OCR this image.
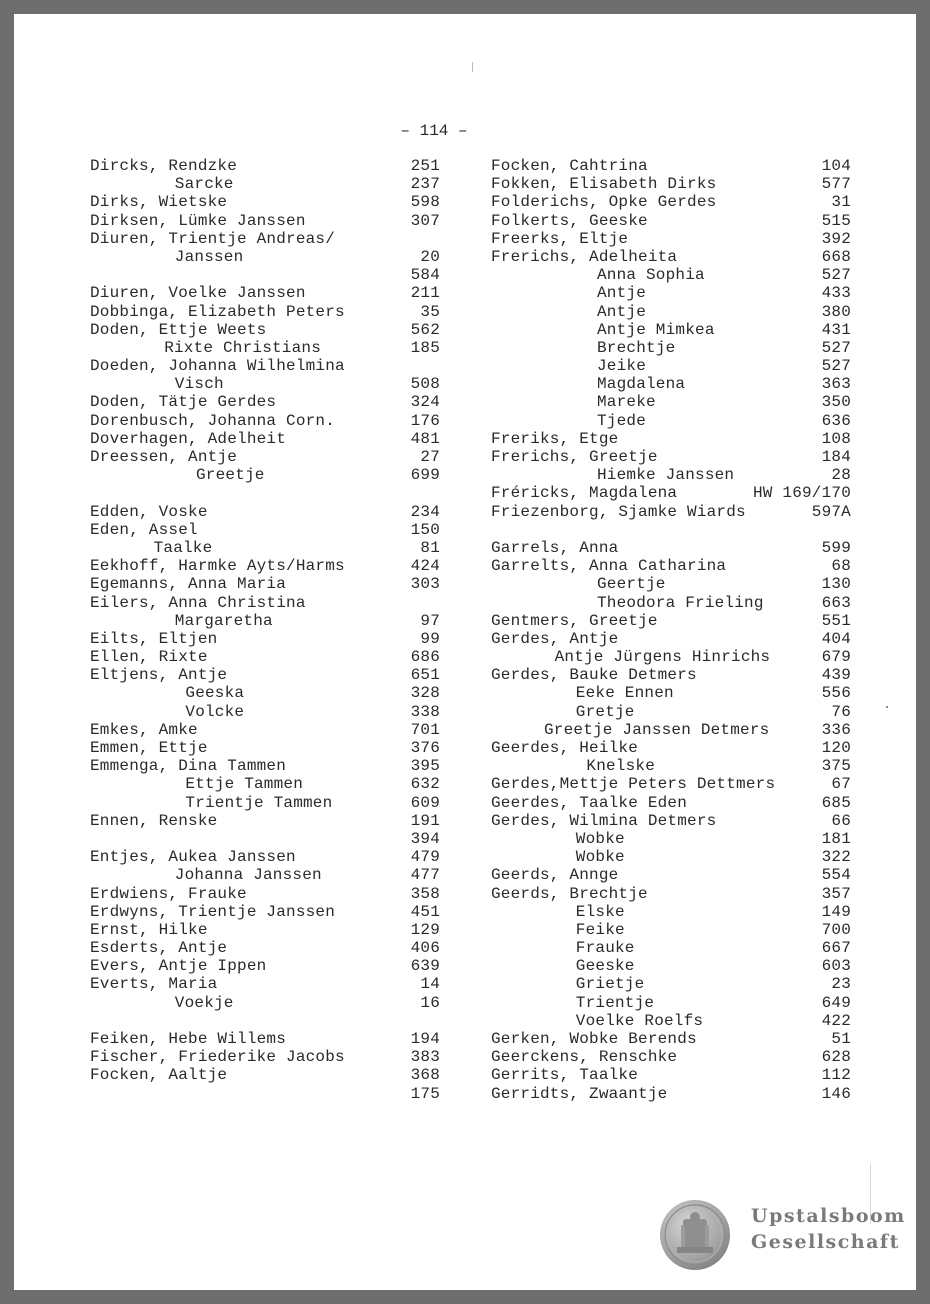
– 114 –
Dircks, Rendzke	251
Sarcke	237
Dirks, Wietske	598
Dirksen, Lümke Janssen	307
Diuren, Trientje Andreas/
Janssen	20
584
Diuren, Voelke Janssen	211
Dobbinga, Elizabeth Peters	35
Doden, Ettje Weets	562
Rixte Christians	185
Doeden, Johanna Wilhelmina
Visch	508
Doden, Tätje Gerdes	324
Dorenbusch, Johanna Corn.	176
Doverhagen, Adelheit	481
Dreessen, Antje	27
Greetje	699
Edden, Voske	234
Eden, Assel	150
Taalke	81
Eekhoff, Harmke Ayts/Harms	424
Egemanns, Anna Maria	303
Eilers, Anna Christina
Margaretha	97
Eilts, Eltjen	99
Ellen, Rixte	686
Eltjens, Antje	651
Geeska	328
Volcke	338
Emkes, Amke	701
Emmen, Ettje	376
Emmenga, Dina Tammen	395
Ettje Tammen	632
Trientje Tammen	609
Ennen, Renske	191
394
Entjes, Aukea Janssen	479
Johanna Janssen	477
Erdwiens, Frauke	358
Erdwyns, Trientje Janssen	451
Ernst, Hilke	129
Esderts, Antje	406
Evers, Antje Ippen	639
Everts, Maria	14
Voekje	16
Feiken, Hebe Willems	194
Fischer, Friederike Jacobs	383
Focken, Aaltje	368
175
Focken, Cahtrina	104
Fokken, Elisabeth Dirks	577
Folderichs, Opke Gerdes	31
Folkerts, Geeske	515
Freerks, Eltje	392
Frerichs, Adelheita	668
Anna Sophia	527
Antje	433
Antje	380
Antje Mimkea	431
Brechtje	527
Jeike	527
Magdalena	363
Mareke	350
Tjede	636
Freriks, Etge	108
Frerichs, Greetje	184
Hiemke Janssen	28
Fréricks, Magdalena	HW 169/170
Friezenborg, Sjamke Wiards	597A
Garrels, Anna	599
Garrelts, Anna Catharina	68
Geertje	130
Theodora Frieling	663
Gentmers, Greetje	551
Gerdes, Antje	404
Antje Jürgens Hinrichs	679
Gerdes, Bauke Detmers	439
Eeke Ennen	556
Gretje	76
Greetje Janssen Detmers	336
Geerdes, Heilke	120
Knelske	375
Gerdes,Mettje Peters Dettmers	67
Geerdes, Taalke Eden	685
Gerdes, Wilmina Detmers	66
Wobke	181
Wobke	322
Geerds, Annge	554
Geerds, Brechtje	357
Elske	149
Feike	700
Frauke	667
Geeske	603
Grietje	23
Trientje	649
Voelke Roelfs	422
Gerken, Wobke Berends	51
Geerckens, Renschke	628
Gerrits, Taalke	112
Gerridts, Zwaantje	146
Upstalsboom
Gesellschaft
